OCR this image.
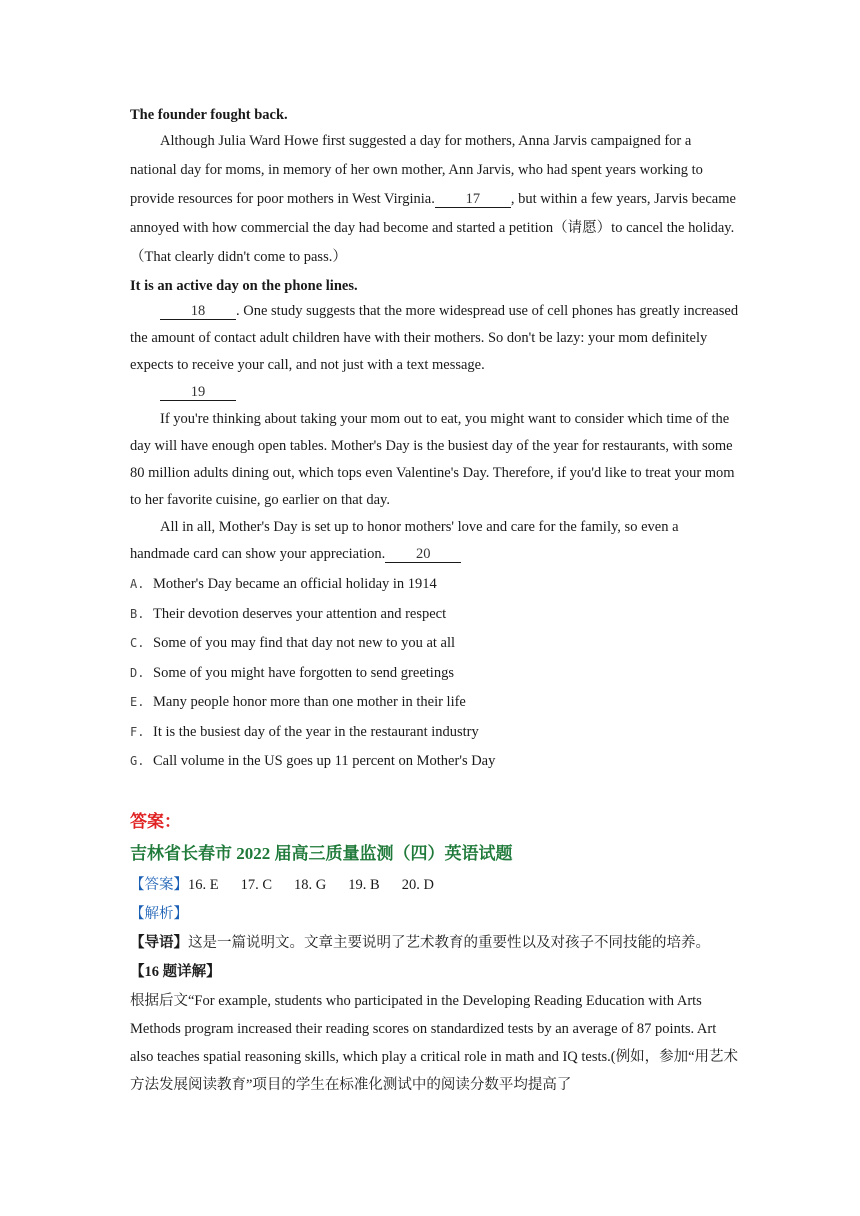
The founder fought back.

Although Julia Ward Howe first suggested a day for mothers, Anna Jarvis campaigned for a national day for moms, in memory of her own mother, Ann Jarvis, who had spent years working to provide resources for poor mothers in West Virginia. 17 , but within a few years, Jarvis became annoyed with how commercial the day had become and started a petition（请愿）to cancel the holiday.（That clearly didn't come to pass.）

It is an active day on the phone lines.

18 . One study suggests that the more widespread use of cell phones has greatly increased the amount of contact adult children have with their mothers. So don't be lazy: your mom definitely expects to receive your call, and not just with a text message.

19

If you're thinking about taking your mom out to eat, you might want to consider which time of the day will have enough open tables. Mother's Day is the busiest day of the year for restaurants, with some 80 million adults dining out, which tops even Valentine's Day. Therefore, if you'd like to treat your mom to her favorite cuisine, go earlier on that day.

All in all, Mother's Day is set up to honor mothers' love and care for the family, so even a handmade card can show your appreciation. 20

A. Mother's Day became an official holiday in 1914
B. Their devotion deserves your attention and respect
C. Some of you may find that day not new to you at all
D. Some of you might have forgotten to send greetings
E. Many people honor more than one mother in their life
F. It is the busiest day of the year in the restaurant industry
G. Call volume in the US goes up 11 percent on Mother's Day
答案：
吉林省长春市 2022 届高三质量监测（四）英语试题
【答案】16. E 17. C 18. G 19. B 20. D
【解析】
【导语】这是一篇说明文。文章主要说明了艺术教育的重要性以及对孩子不同技能的培养。
【16 题详解】

根据后文“For example, students who participated in the Developing Reading Education with Arts Methods program increased their reading scores on standardized tests by an average of 87 points. Art also teaches spatial reasoning skills, which play a critical role in math and IQ tests.(例如，参加“用艺术方法发展阅读教育”项目的学生在标准化测试中的阅读分数平均提高了
